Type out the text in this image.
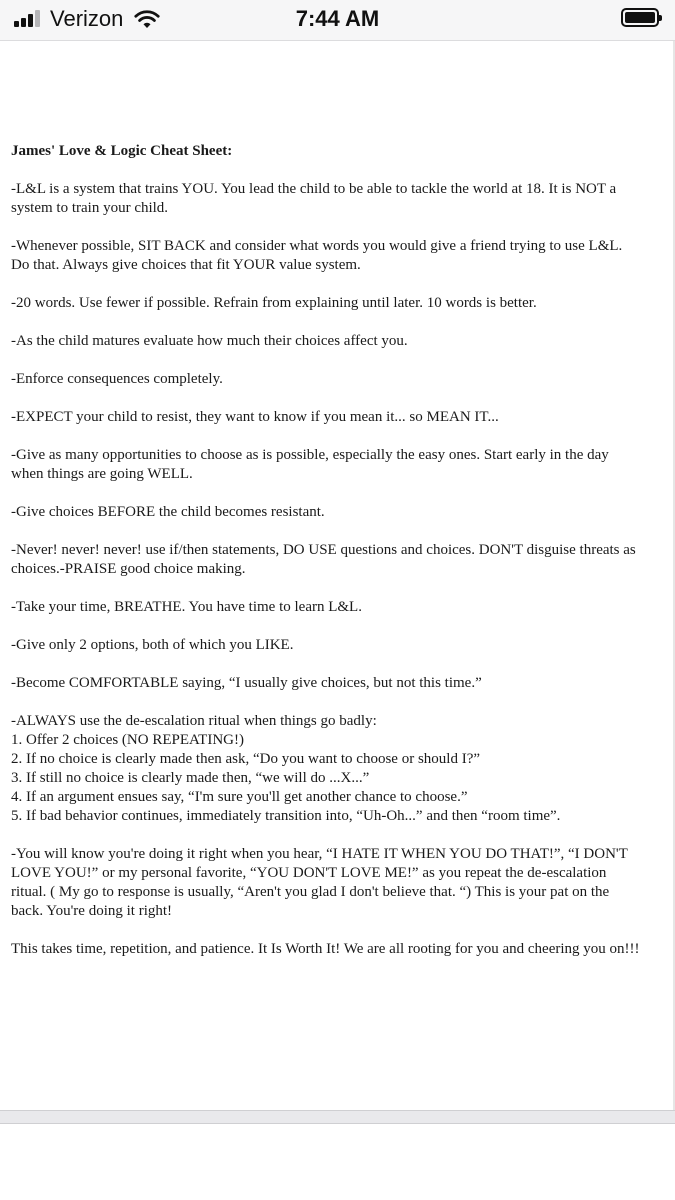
Verizon	7:44 AM

James' Love & Logic Cheat Sheet:

-L&L is a system that trains YOU. You lead the child to be able to tackle the world at 18. It is NOT a system to train your child.

-Whenever possible, SIT BACK and consider what words you would give a friend trying to use L&L. Do that. Always give choices that fit YOUR value system.

-20 words. Use fewer if possible. Refrain from explaining until later. 10 words is better.

-As the child matures evaluate how much their choices affect you.

-Enforce consequences completely.

-EXPECT your child to resist, they want to know if you mean it... so MEAN IT...

-Give as many opportunities to choose as is possible, especially the easy ones. Start early in the day when things are going WELL.

-Give choices BEFORE the child becomes resistant.

-Never! never! never! use if/then statements, DO USE questions and choices. DON'T disguise threats as choices.-PRAISE good choice making.

-Take your time, BREATHE. You have time to learn L&L.

-Give only 2 options, both of which you LIKE.

-Become COMFORTABLE saying, “I usually give choices, but not this time.”

-ALWAYS use the de-escalation ritual when things go badly:

1. Offer 2 choices (NO REPEATING!)

2. If no choice is clearly made then ask, “Do you want to choose or should I?”

3. If still no choice is clearly made then, “we will do ...X...”

4. If an argument ensues say, “I'm sure you'll get another chance to choose.”

5. If bad behavior continues, immediately transition into, “Uh-Oh...” and then “room time”.

-You will know you're doing it right when you hear, “I HATE IT WHEN YOU DO THAT!”, “I DON'T LOVE YOU!” or my personal favorite, “YOU DON'T LOVE ME!” as you repeat the de-escalation ritual. ( My go to response is usually, “Aren't you glad I don't believe that. “) This is your pat on the back. You're doing it right!

This takes time, repetition, and patience. It Is Worth It! We are all rooting for you and cheering you on!!!
